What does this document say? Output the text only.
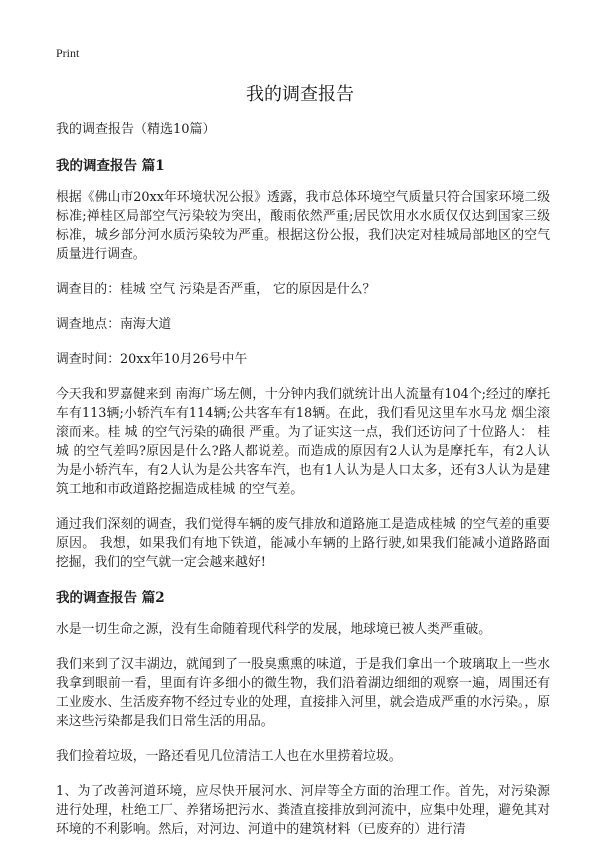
Print
我的调查报告

我的调查报告（精选10篇）

我的调查报告 篇1

根据《佛山市20xx年环境状况公报》透露，我市总体环境空气质量只符合国家环境二级标准;禅桂区局部空气污染较为突出，酸雨依然严重;居民饮用水水质仅仅达到国家三级标准，城乡部分河水质污染较为严重。根据这份公报，我们决定对桂城局部地区的空气质量进行调查。

调查目的：桂城 空气 污染是否严重， 它的原因是什么？

调查地点：南海大道

调查时间：20xx年10月26号中午

今天我和罗嘉健来到 南海广场左侧，十分钟内我们就统计出人流量有104个;经过的摩托车有113辆;小轿汽车有114辆;公共客车有18辆。在此，我们看见这里车水马龙 烟尘滚滚而来。桂 城 的空气污染的确很 严重。为了证实这一点，我们还访问了十位路人： 桂 城 的空气差吗?原因是什么?路人都说差。而造成的原因有2人认为是摩托车，有2人认为是小轿汽车，有2人认为是公共客车汽，也有1人认为是人口太多，还有3人认为是建筑工地和市政道路挖掘造成桂城 的空气差。

通过我们深刻的调查，我们觉得车辆的废气排放和道路施工是造成桂城 的空气差的重要原因。 我想，如果我们有地下铁道，能减小车辆的上路行驶,如果我们能减小道路路面挖掘，我们的空气就一定会越来越好!

我的调查报告 篇2

水是一切生命之源，没有生命随着现代科学的发展，地球境已被人类严重破。

我们来到了汉丰湖边，就闻到了一股臭熏熏的味道，于是我们拿出一个玻璃取上一些水我拿到眼前一看，里面有许多细小的微生物，我们沿着湖边细细的观察一遍，周围还有工业废水、生活废弃物不经过专业的处理，直接排入河里，就会造成严重的水污染。，原来这些污染都是我们日常生活的用品。

我们捡着垃圾，一路还看见几位清洁工人也在水里捞着垃圾。

1、为了改善河道环境，应尽快开展河水、河岸等全方面的治理工作。首先，对污染源进行处理，杜绝工厂、养猪场把污水、粪渣直接排放到河流中，应集中处理，避免其对环境的不利影响。然后，对河边、河道中的建筑材料（已废弃的）进行清
